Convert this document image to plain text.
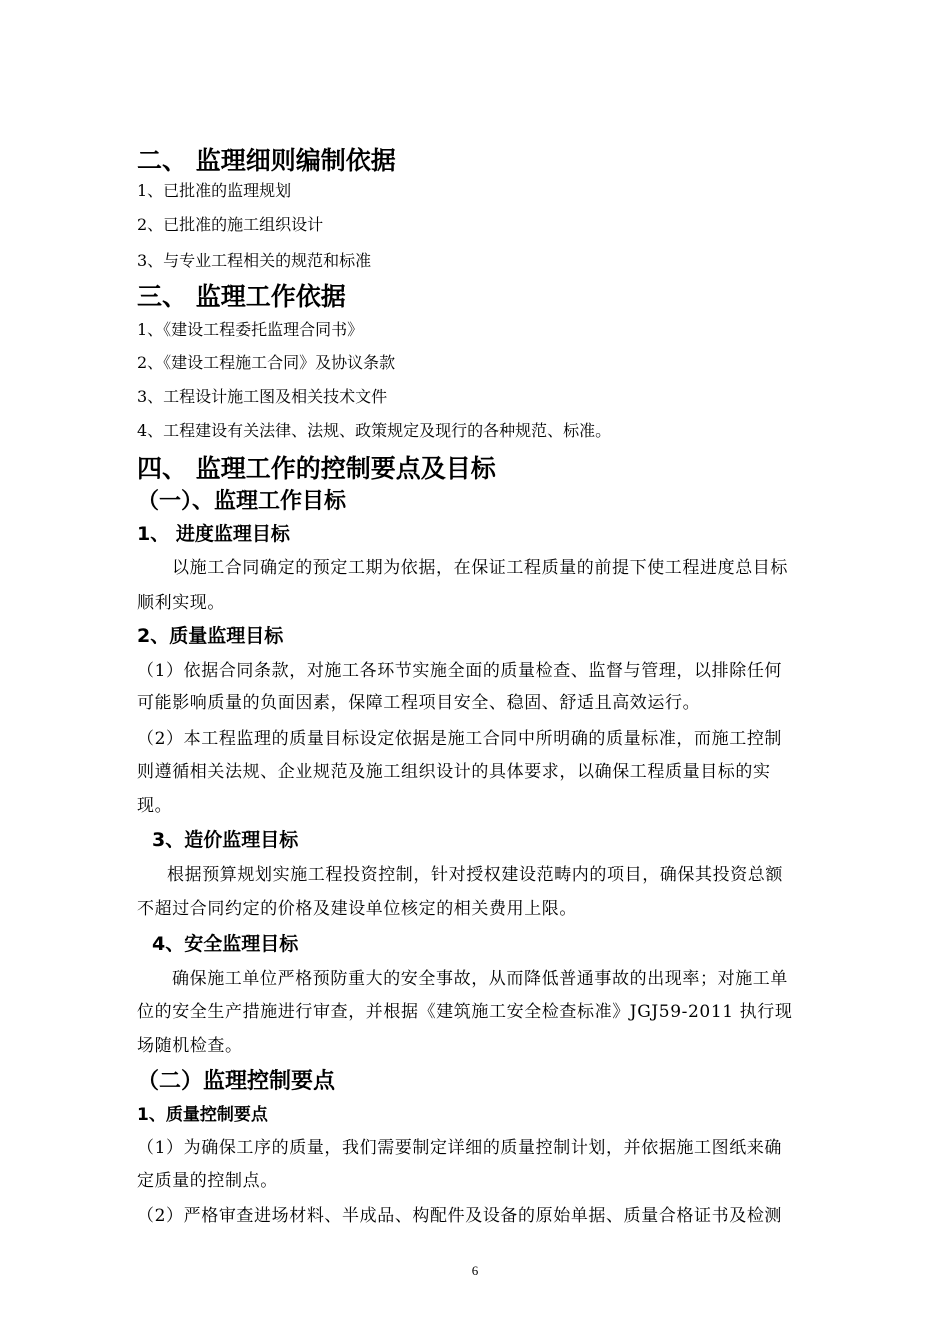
二、 监理细则编制依据
1、已批准的监理规划
2、已批准的施工组织设计
3、与专业工程相关的规范和标准
三、 监理工作依据
1、《建设工程委托监理合同书》
2、《建设工程施工合同》及协议条款
3、工程设计施工图及相关技术文件
4、工程建设有关法律、法规、政策规定及现行的各种规范、标准。
四、 监理工作的控制要点及目标
（一）、监理工作目标
1、 进度监理目标
以施工合同确定的预定工期为依据，在保证工程质量的前提下使工程进度总目标
顺利实现。
2、质量监理目标
（1）依据合同条款，对施工各环节实施全面的质量检查、监督与管理，以排除任何
可能影响质量的负面因素，保障工程项目安全、稳固、舒适且高效运行。
（2）本工程监理的质量目标设定依据是施工合同中所明确的质量标准，而施工控制
则遵循相关法规、企业规范及施工组织设计的具体要求，以确保工程质量目标的实
现。
3、造价监理目标
根据预算规划实施工程投资控制，针对授权建设范畴内的项目，确保其投资总额
不超过合同约定的价格及建设单位核定的相关费用上限。
4、安全监理目标
确保施工单位严格预防重大的安全事故，从而降低普通事故的出现率；对施工单
位的安全生产措施进行审查，并根据《建筑施工安全检查标准》JGJ59-2011 执行现
场随机检查。
（二）监理控制要点
1、质量控制要点
（1）为确保工序的质量，我们需要制定详细的质量控制计划，并依据施工图纸来确
定质量的控制点。
（2）严格审查进场材料、半成品、构配件及设备的原始单据、质量合格证书及检测
6
